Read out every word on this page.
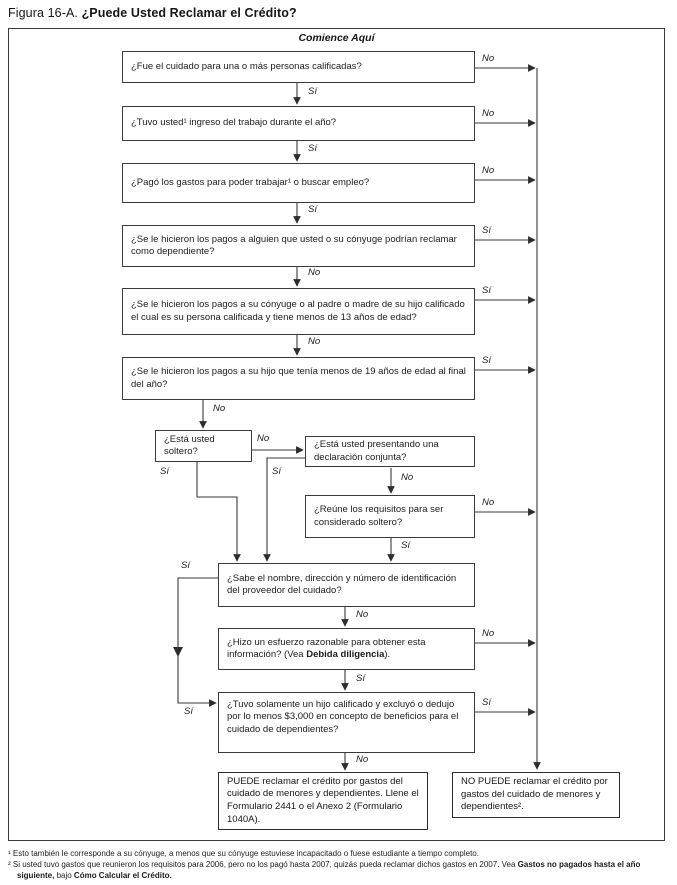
Figura 16-A. ¿Puede Usted Reclamar el Crédito?
Comience Aquí
¿Fue el cuidado para una o más personas calificadas?
¿Tuvo usted¹ ingreso del trabajo durante el año?
¿Pagó los gastos para poder trabajar¹ o buscar empleo?
¿Se le hicieron los pagos a alguien que usted o su cónyuge podrían reclamar como dependiente?
¿Se le hicieron los pagos a su cónyuge o al padre o madre de su hijo calificado el cual es su persona calificada y tiene menos de 13 años de edad?
¿Se le hicieron los pagos a su hijo que tenía menos de 19 años de edad al final del año?
¿Está usted soltero?
¿Está usted presentando una declaración conjunta?
¿Reúne los requisitos para ser considerado soltero?
¿Sabe el nombre, dirección y número de identificación del proveedor del cuidado?
¿Hizo un esfuerzo razonable para obtener esta información? (Vea Debida diligencia).
¿Tuvo solamente un hijo calificado y excluyó o dedujo por lo menos $3,000 en concepto de beneficios para el cuidado de dependientes?
PUEDE reclamar el crédito por gastos del cuidado de menores y dependientes. Llene el Formulario 2441 o el Anexo 2 (Formulario 1040A).
NO PUEDE reclamar el crédito por gastos del cuidado de menores y dependientes².
No
No
No
Sí
Sí
Sí
No
No
Sí
Sí
Sí
Sí
No
No
No
No
Sí	Sí
No
Sí
Sí
No
Sí
Sí
No

¹ Esto también le corresponde a su cónyuge, a menos que su cónyuge estuviese incapacitado o fuese estudiante a tiempo completo.

² Si usted tuvo gastos que reunieron los requisitos para 2006, pero no los pagó hasta 2007, quizás pueda reclamar dichos gastos en 2007. Vea Gastos no pagados hasta el año siguiente, bajo Cómo Calcular el Crédito.
